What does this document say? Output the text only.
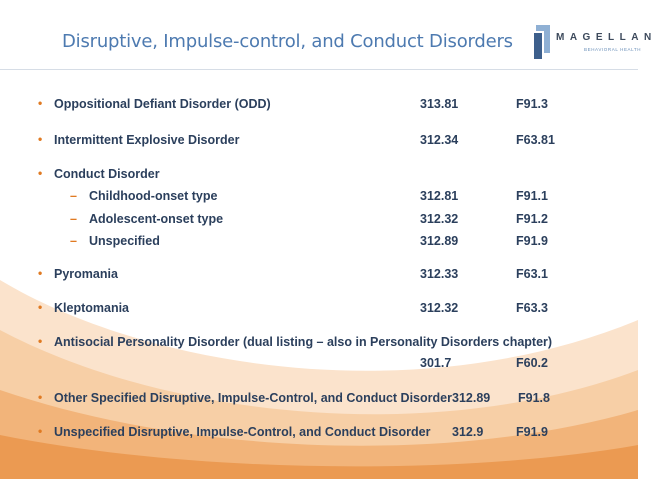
Disruptive, Impulse-control, and Conduct Disorders	MAGELLAN
BEHAVIORAL HEALTH
• Oppositional Defiant Disorder (ODD)	313.81	F91.3
• Intermittent Explosive Disorder	312.34	F63.81
• Conduct Disorder
– Childhood-onset type	312.81	F91.1
– Adolescent-onset type	312.32	F91.2
– Unspecified	312.89	F91.9
• Pyromania	312.33	F63.1
• Kleptomania	312.32	F63.3
• Antisocial Personality Disorder (dual listing – also in Personality Disorders chapter)
301.7	F60.2
• Other Specified Disruptive, Impulse-Control, and Conduct Disorder 312.89 F91.8
• Unspecified Disruptive, Impulse-Control, and Conduct Disorder 312.9	F91.9
